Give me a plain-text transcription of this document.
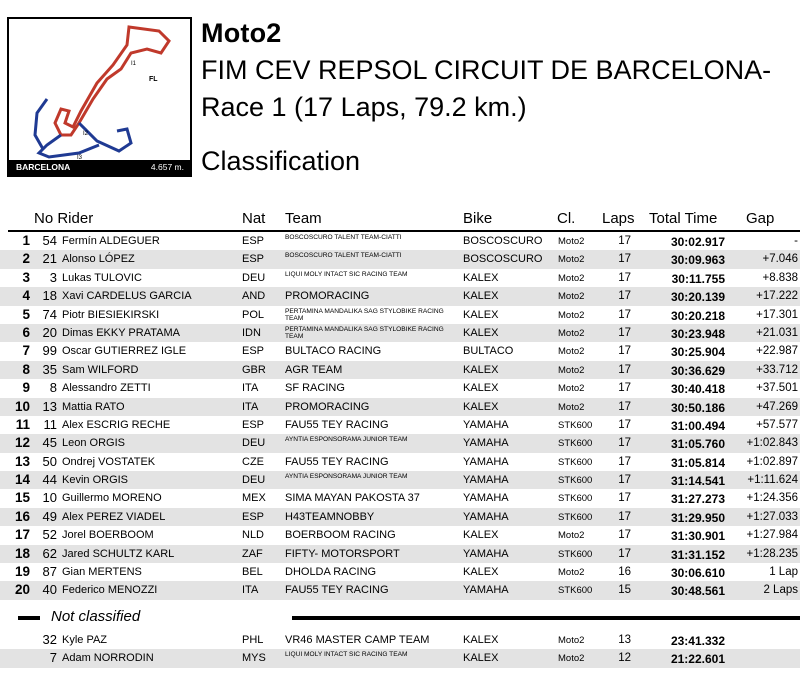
FL
I1
I2
I3
BARCELONA	4.657 m.
Moto2
FIM CEV REPSOL CIRCUIT DE BARCELONA-
Race 1 (17 Laps, 79.2 km.)
Classification
No Rider	Nat Team	Bike	Cl. Laps Total Time Gap
1 54 Fermín ALDEGUER	ESP	BOSCOSCURO TALENT TEAM-CIATTI	BOSCOSCURO Moto2	17	30:02.917	-
2 21 Alonso LÓPEZ	ESP	BOSCOSCURO TALENT TEAM-CIATTI	BOSCOSCURO Moto2	17	30:09.963	+7.046
3	3 Lukas TULOVIC	DEU	LIQUI MOLY INTACT SIC RACING TEAM	KALEX	Moto2	17	30:11.755	+8.838
4 18 Xavi CARDELUS GARCIA	AND PROMORACING	KALEX	Moto2	17	30:20.139	+17.222
5 74 Piotr BIESIEKIRSKI	POL	PERTAMINA MANDALIKA SAG STYLOBIKE RACING TEAM	KALEX	Moto2	17	30:20.218	+17.301
6 20 Dimas EKKY PRATAMA	IDN	PERTAMINA MANDALIKA SAG STYLOBIKE RACING TEAM	KALEX	Moto2	17	30:23.948	+21.031
7 99 Oscar GUTIERREZ IGLE	ESP BULTACO RACING	BULTACO	Moto2	17	30:25.904	+22.987
8 35 Sam WILFORD	GBR AGR TEAM	KALEX	Moto2	17	30:36.629	+33.712
9	8 Alessandro ZETTI	ITA SF RACING	KALEX	Moto2	17	30:40.418	+37.501
10 13 Mattia RATO	ITA PROMORACING	KALEX	Moto2	17	30:50.186	+47.269
11	11 Alex ESCRIG RECHE	ESP FAU55 TEY RACING	YAMAHA	STK600	17	31:00.494	+57.577
12 45 Leon ORGIS	DEU	AYNTIA ESPONSORAMA JUNIOR TEAM	YAMAHA	STK600	17	31:05.760	+1:02.843
13 50 Ondrej VOSTATEK	CZE FAU55 TEY RACING	YAMAHA	STK600	17	31:05.814	+1:02.897
14 44 Kevin ORGIS	DEU	AYNTIA ESPONSORAMA JUNIOR TEAM	YAMAHA	STK600	17	31:14.541	+1:11.624
15 10 Guillermo MORENO	MEX SIMA MAYAN PAKOSTA 37	YAMAHA	STK600	17	31:27.273	+1:24.356
16 49 Alex PEREZ VIADEL	ESP H43TEAMNOBBY	YAMAHA	STK600	17	31:29.950	+1:27.033
17 52 Jorel BOERBOOM	NLD BOERBOOM RACING	KALEX	Moto2	17	31:30.901	+1:27.984
18 62 Jared SCHULTZ KARL	ZAF FIFTY- MOTORSPORT	YAMAHA	STK600	17	31:31.152	+1:28.235
19 87 Gian MERTENS	BEL DHOLDA RACING	KALEX	Moto2	16	30:06.610	1 Lap
20 40 Federico MENOZZI	ITA FAU55 TEY RACING	YAMAHA	STK600	15	30:48.561	2 Laps
Not classified
32 Kyle PAZ	PHL VR46 MASTER CAMP TEAM	KALEX	Moto2	13	23:41.332
7 Adam NORRODIN	MYS	LIQUI MOLY INTACT SIC RACING TEAM	KALEX	Moto2	12	21:22.601
